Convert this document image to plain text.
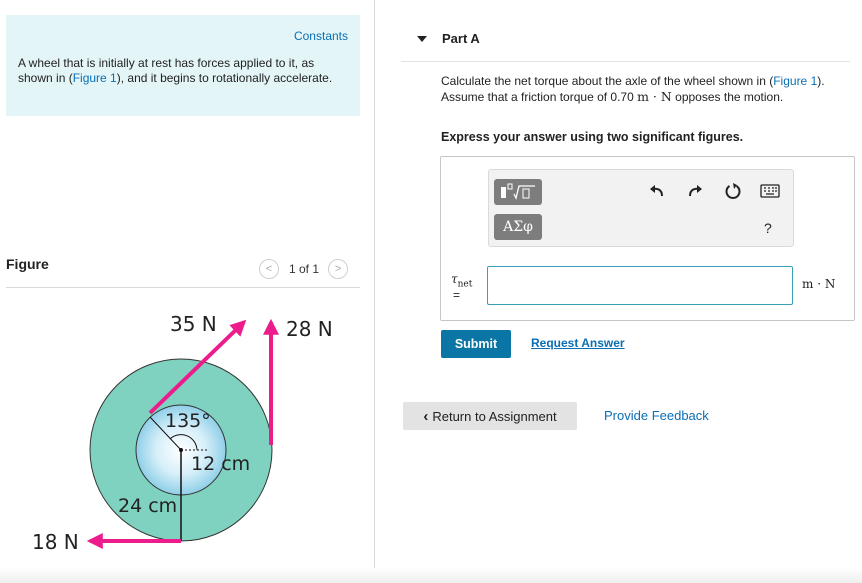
Constants
A wheel that is initially at rest has forces applied to it, as shown in (Figure 1), and it begins to rotationally accelerate.
Figure	<	1 of 1	>
35 N	28 N
18 N
135°
12 cm
24 cm
Part A
Calculate the net torque about the axle of the wheel shown in (Figure 1). Assume that a friction torque of 0.70 m · N opposes the motion.
Express your answer using two significant figures.
ΑΣφ	?
$\tau_{net}$
=
m · N
Submit	Request Answer
‹ Return to Assignment	Provide Feedback
